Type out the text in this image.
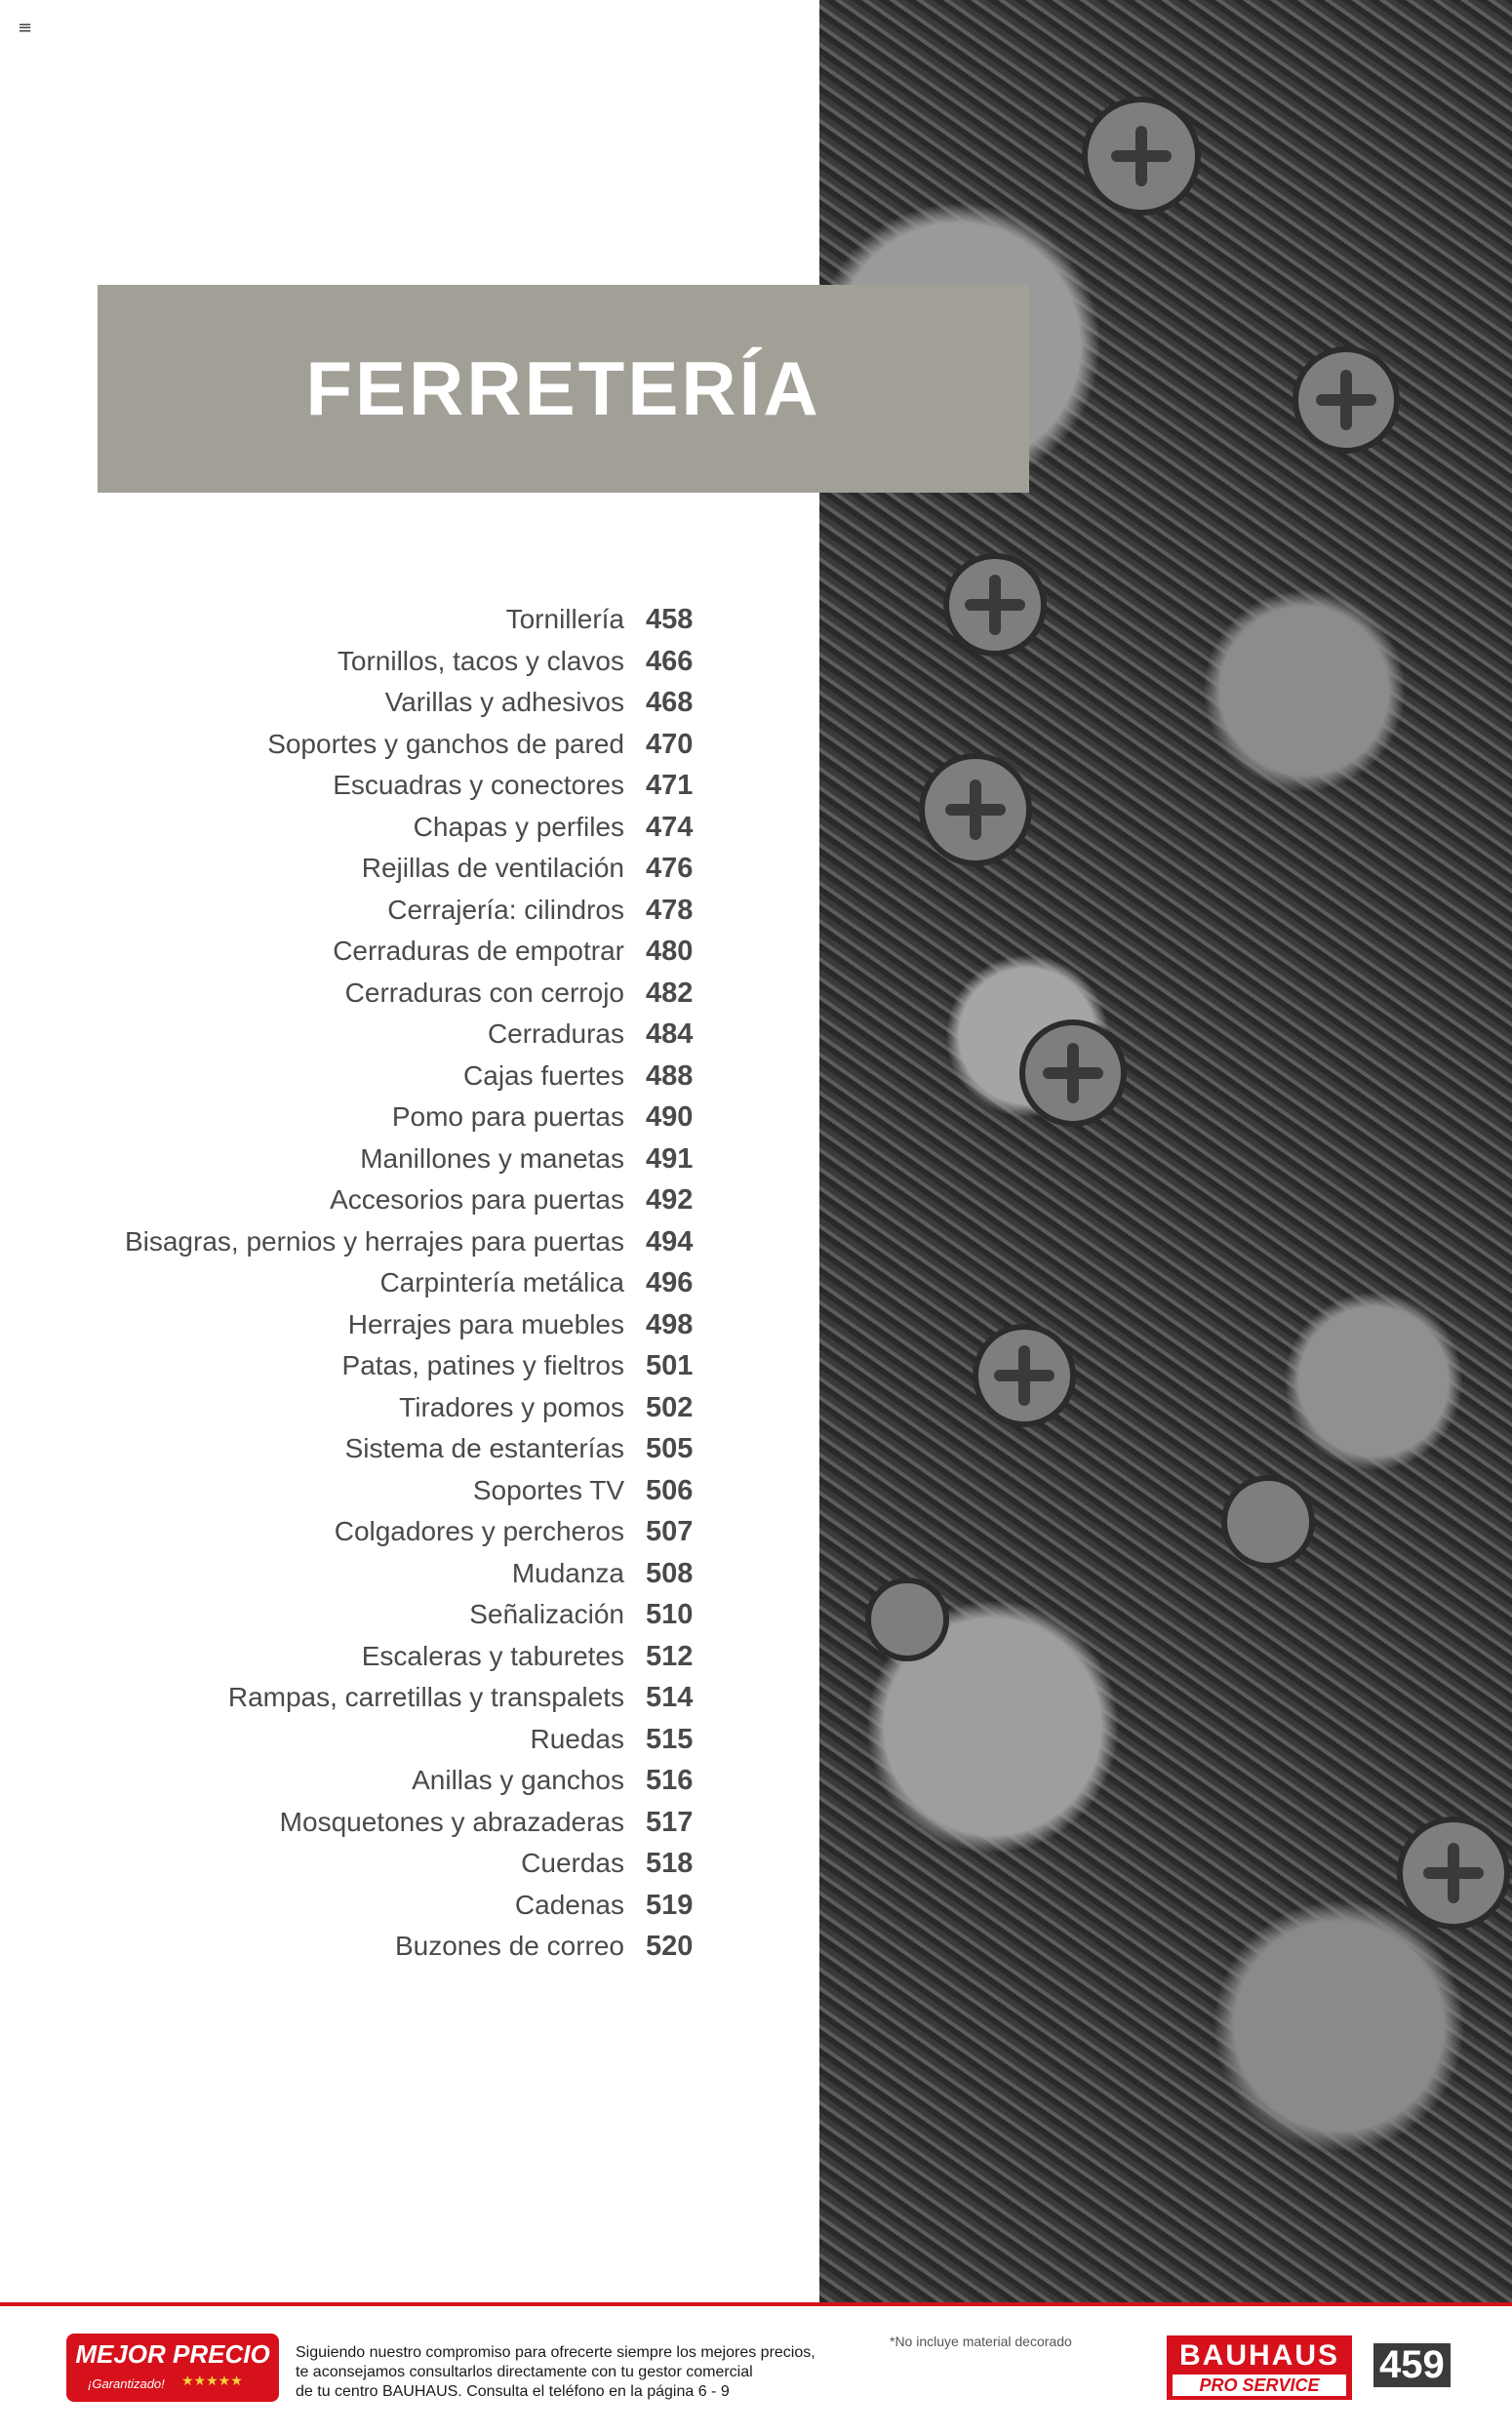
≡
FERRETERÍA
Tornillería 458
Tornillos, tacos y clavos 466
Varillas y adhesivos 468
Soportes y ganchos de pared 470
Escuadras y conectores 471
Chapas y perfiles 474
Rejillas de ventilación 476
Cerrajería: cilindros 478
Cerraduras de empotrar 480
Cerraduras con cerrojo 482
Cerraduras 484
Cajas fuertes 488
Pomo para puertas 490
Manillones y manetas 491
Accesorios para puertas 492
Bisagras, pernios y herrajes para puertas 494
Carpintería metálica 496
Herrajes para muebles 498
Patas, patines y fieltros 501
Tiradores y pomos 502
Sistema de estanterías 505
Soportes TV 506
Colgadores y percheros 507
Mudanza 508
Señalización 510
Escaleras y taburetes 512
Rampas, carretillas y transpalets 514
Ruedas 515
Anillas y ganchos 516
Mosquetones y abrazaderas 517
Cuerdas 518
Cadenas 519
Buzones de correo 520
MEJOR PRECIO
¡Garantizado! ★★★★★
Siguiendo nuestro compromiso para ofrecerte siempre los mejores precios,
te aconsejamos consultarlos directamente con tu gestor comercial
de tu centro BAUHAUS. Consulta el teléfono en la página 6 - 9
*No incluye material decorado	BAUHAUS
PRO SERVICE	459
